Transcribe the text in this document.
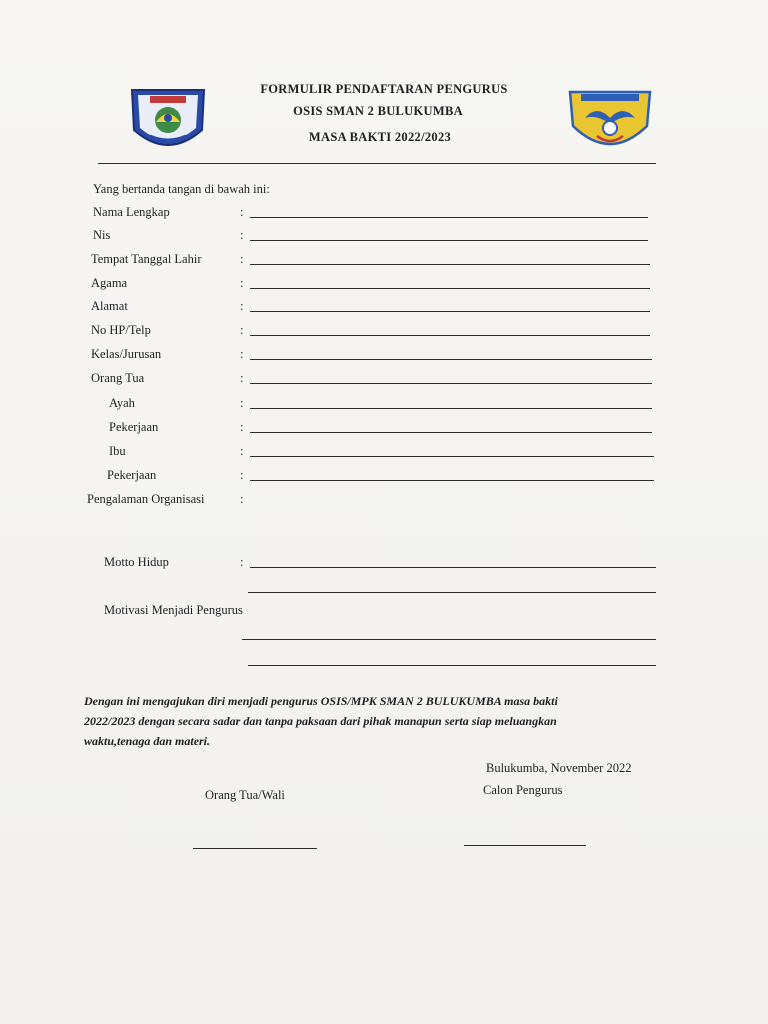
FORMULIR PENDAFTARAN PENGURUS
OSIS SMAN 2 BULUKUMBA
MASA BAKTI 2022/2023
Yang bertanda tangan di bawah ini:
Nama Lengkap	:
Nis	:
Tempat Tanggal Lahir	:
Agama	:
Alamat	:
No HP/Telp	:
Kelas/Jurusan	:
Orang Tua	:
Ayah	:
Pekerjaan	:
Ibu	:
Pekerjaan	:
Pengalaman Organisasi	:
Motto Hidup	:
Motivasi Menjadi Pengurus
Dengan ini mengajukan diri menjadi pengurus OSIS/MPK SMAN 2 BULUKUMBA masa bakti
2022/2023 dengan secara sadar dan tanpa paksaan dari pihak manapun serta siap meluangkan
waktu,tenaga dan materi.
Bulukumba, November 2022
Orang Tua/Wali	Calon Pengurus
